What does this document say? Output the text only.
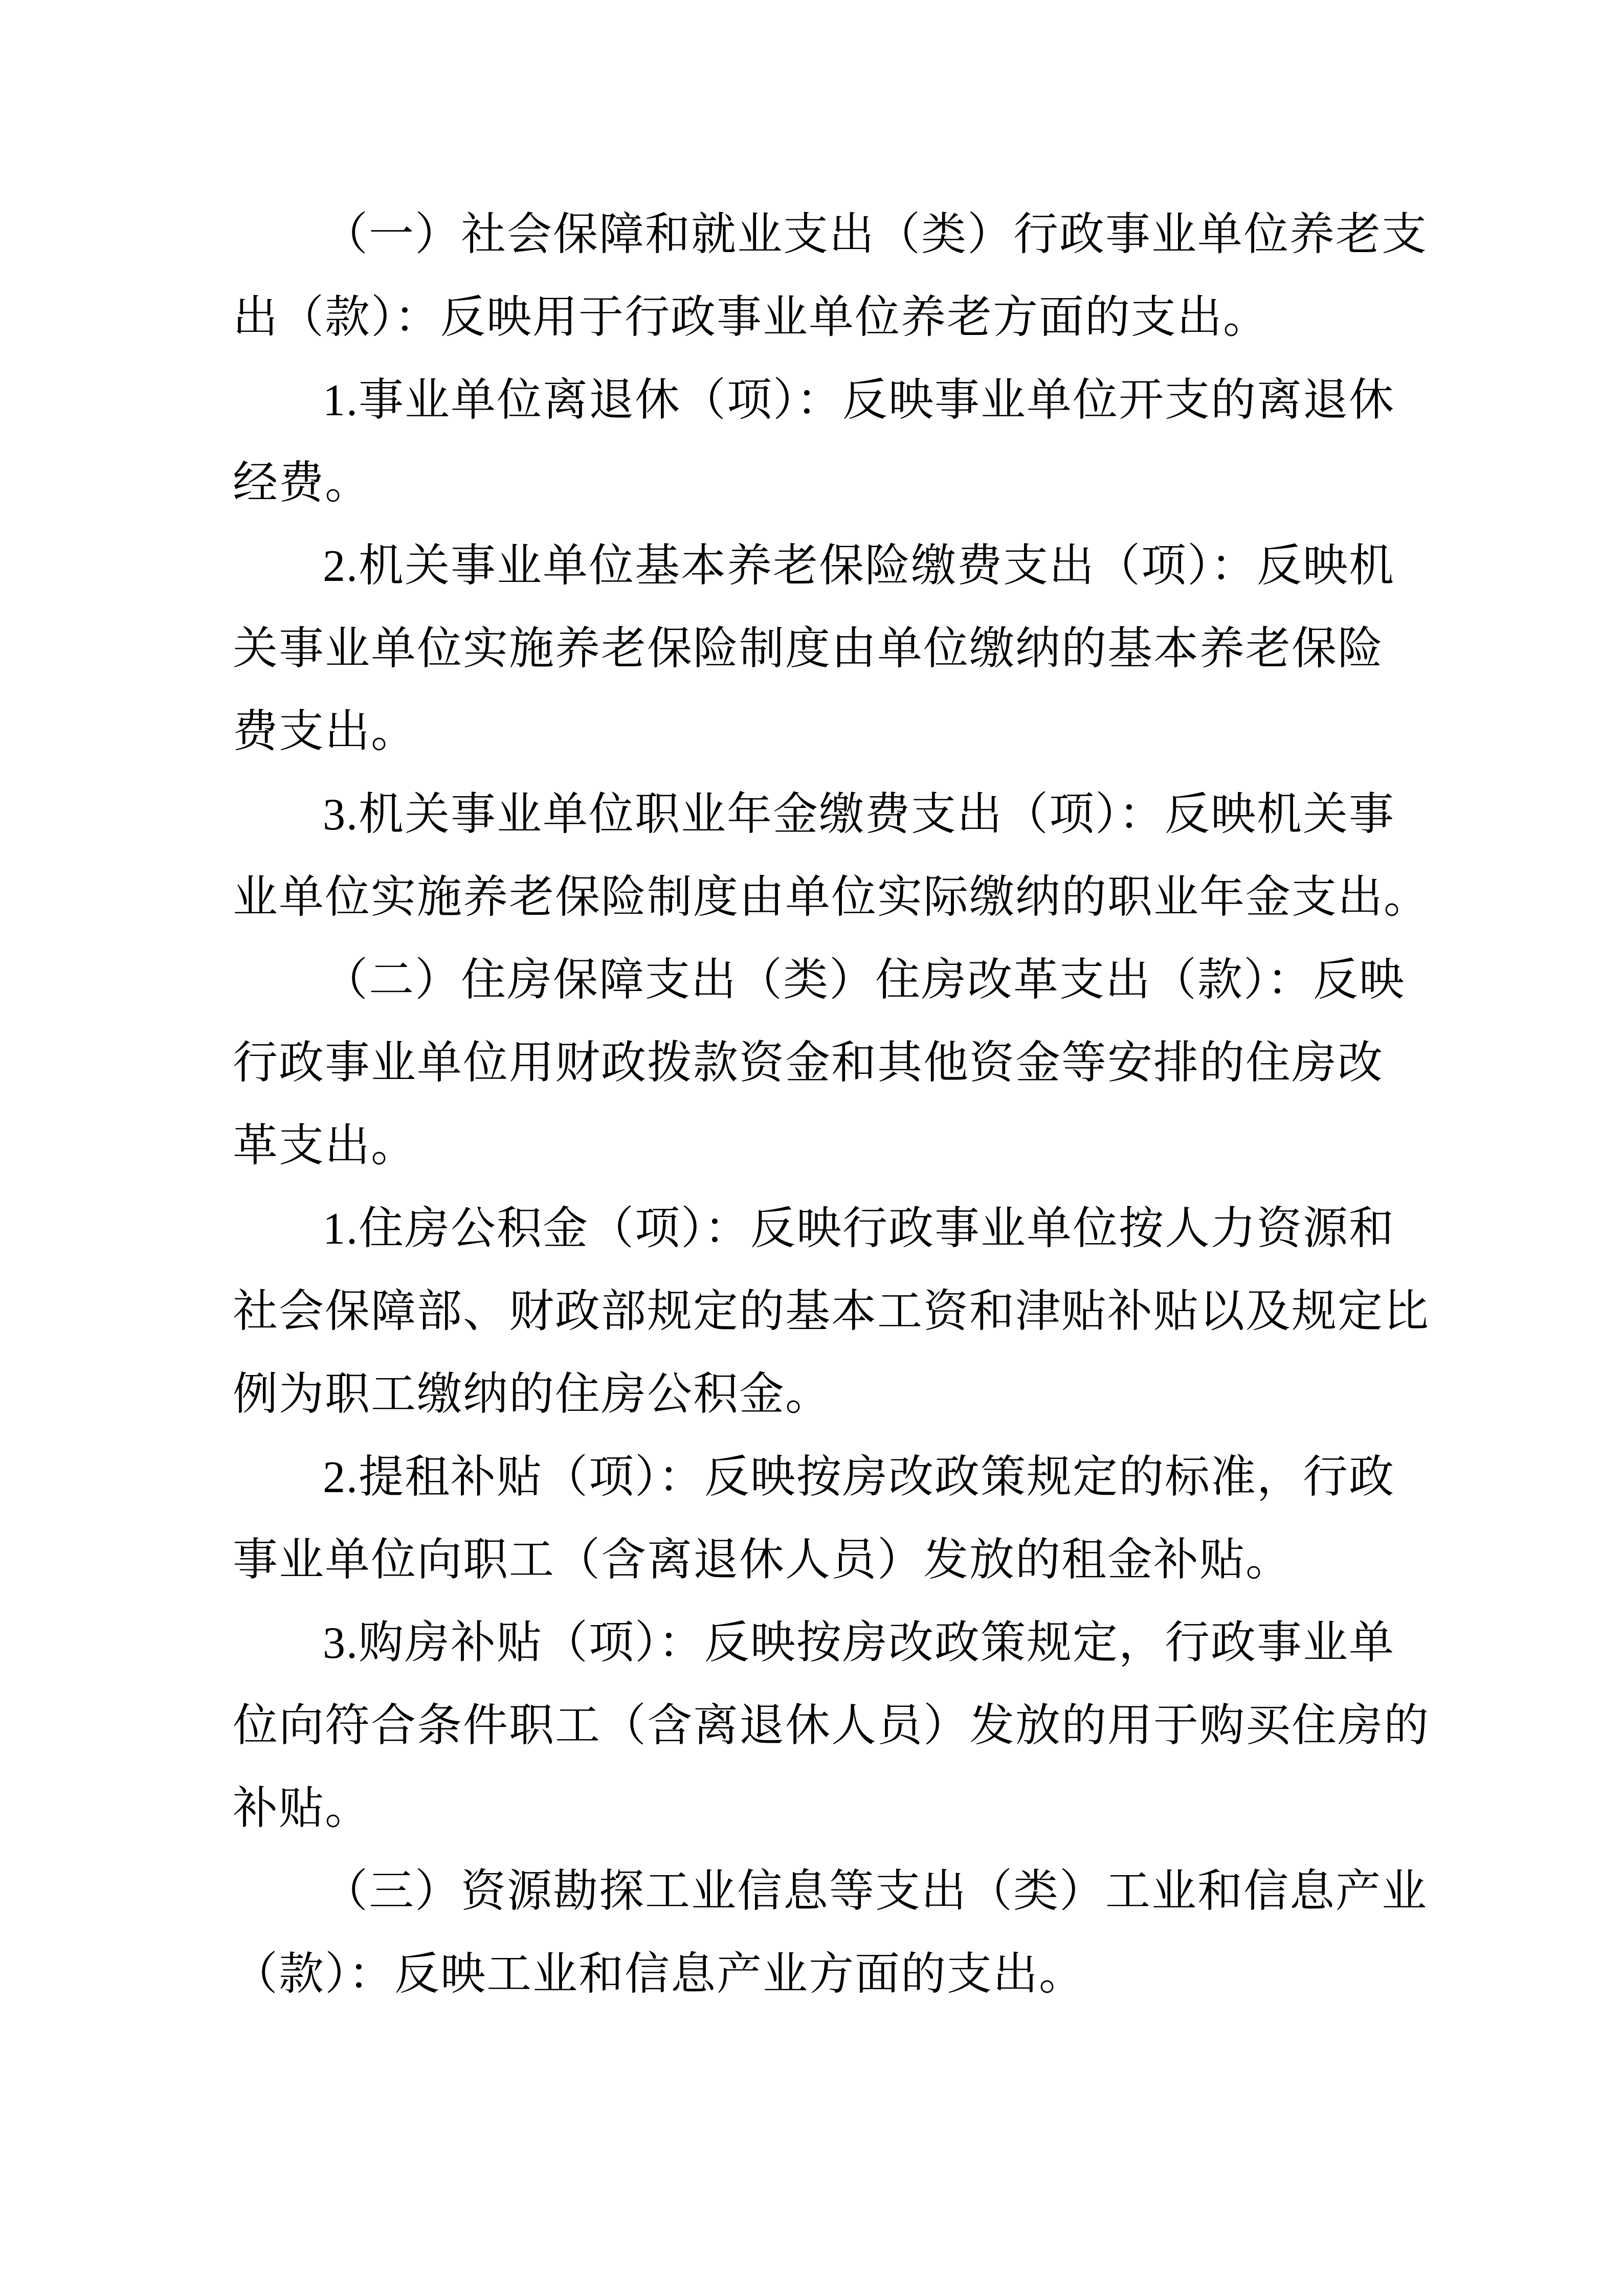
（一）社会保障和就业支出（类）行政事业单位养老支
出（款）：反映用于行政事业单位养老方面的支出。
1.事业单位离退休（项）：反映事业单位开支的离退休
经费。
2.机关事业单位基本养老保险缴费支出（项）：反映机
关事业单位实施养老保险制度由单位缴纳的基本养老保险
费支出。
3.机关事业单位职业年金缴费支出（项）：反映机关事
业单位实施养老保险制度由单位实际缴纳的职业年金支出。
（二）住房保障支出（类）住房改革支出（款）：反映
行政事业单位用财政拨款资金和其他资金等安排的住房改
革支出。
1.住房公积金（项）：反映行政事业单位按人力资源和
社会保障部、财政部规定的基本工资和津贴补贴以及规定比
例为职工缴纳的住房公积金。
2.提租补贴（项）：反映按房改政策规定的标准，行政
事业单位向职工（含离退休人员）发放的租金补贴。
3.购房补贴（项）：反映按房改政策规定，行政事业单
位向符合条件职工（含离退休人员）发放的用于购买住房的
补贴。
（三）资源勘探工业信息等支出（类）工业和信息产业
（款）：反映工业和信息产业方面的支出。
